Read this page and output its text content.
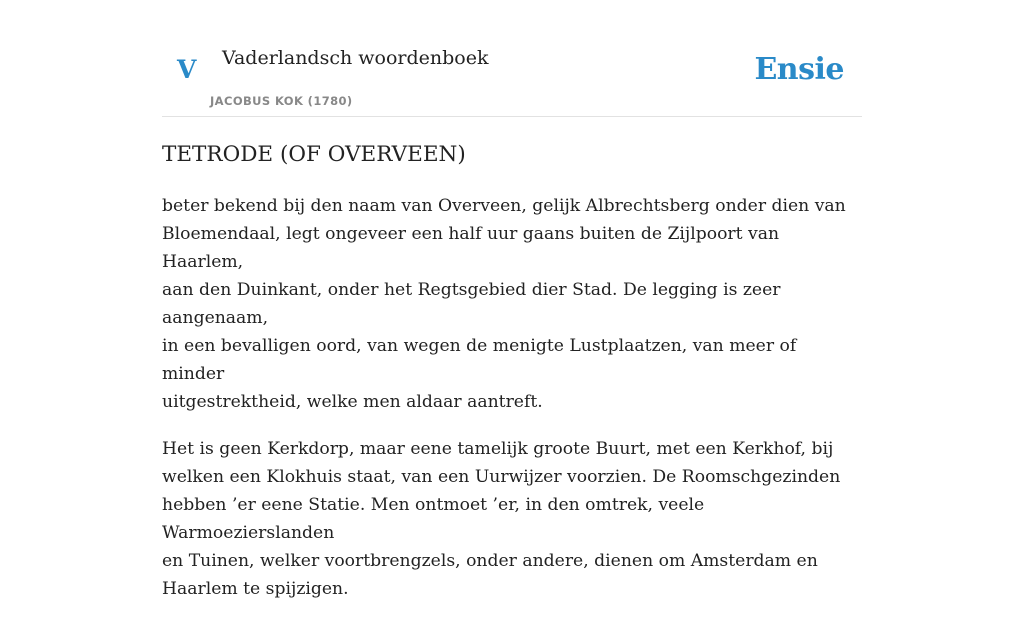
V Vaderlandsch woordenboek
JACOBUS KOK (1780)
Ensie
TETRODE (OF OVERVEEN)

beter bekend bij den naam van Overveen, gelijk Albrechtsberg onder dien van
Bloemendaal, legt ongeveer een half uur gaans buiten de Zijlpoort van Haarlem,
aan den Duinkant, onder het Regtsgebied dier Stad. De legging is zeer aangenaam,
in een bevalligen oord, van wegen de menigte Lustplaatzen, van meer of minder
uitgestrektheid, welke men aldaar aantreft.

Het is geen Kerkdorp, maar eene tamelijk groote Buurt, met een Kerkhof, bij
welken een Klokhuis staat, van een Uurwijzer voorzien. De Roomschgezinden
hebben ’er eene Statie. Men ontmoet ’er, in den omtrek, veele Warmoezierslanden
en Tuinen, welker voortbrengzels, onder andere, dienen om Amsterdam en
Haarlem te spijzigen.
